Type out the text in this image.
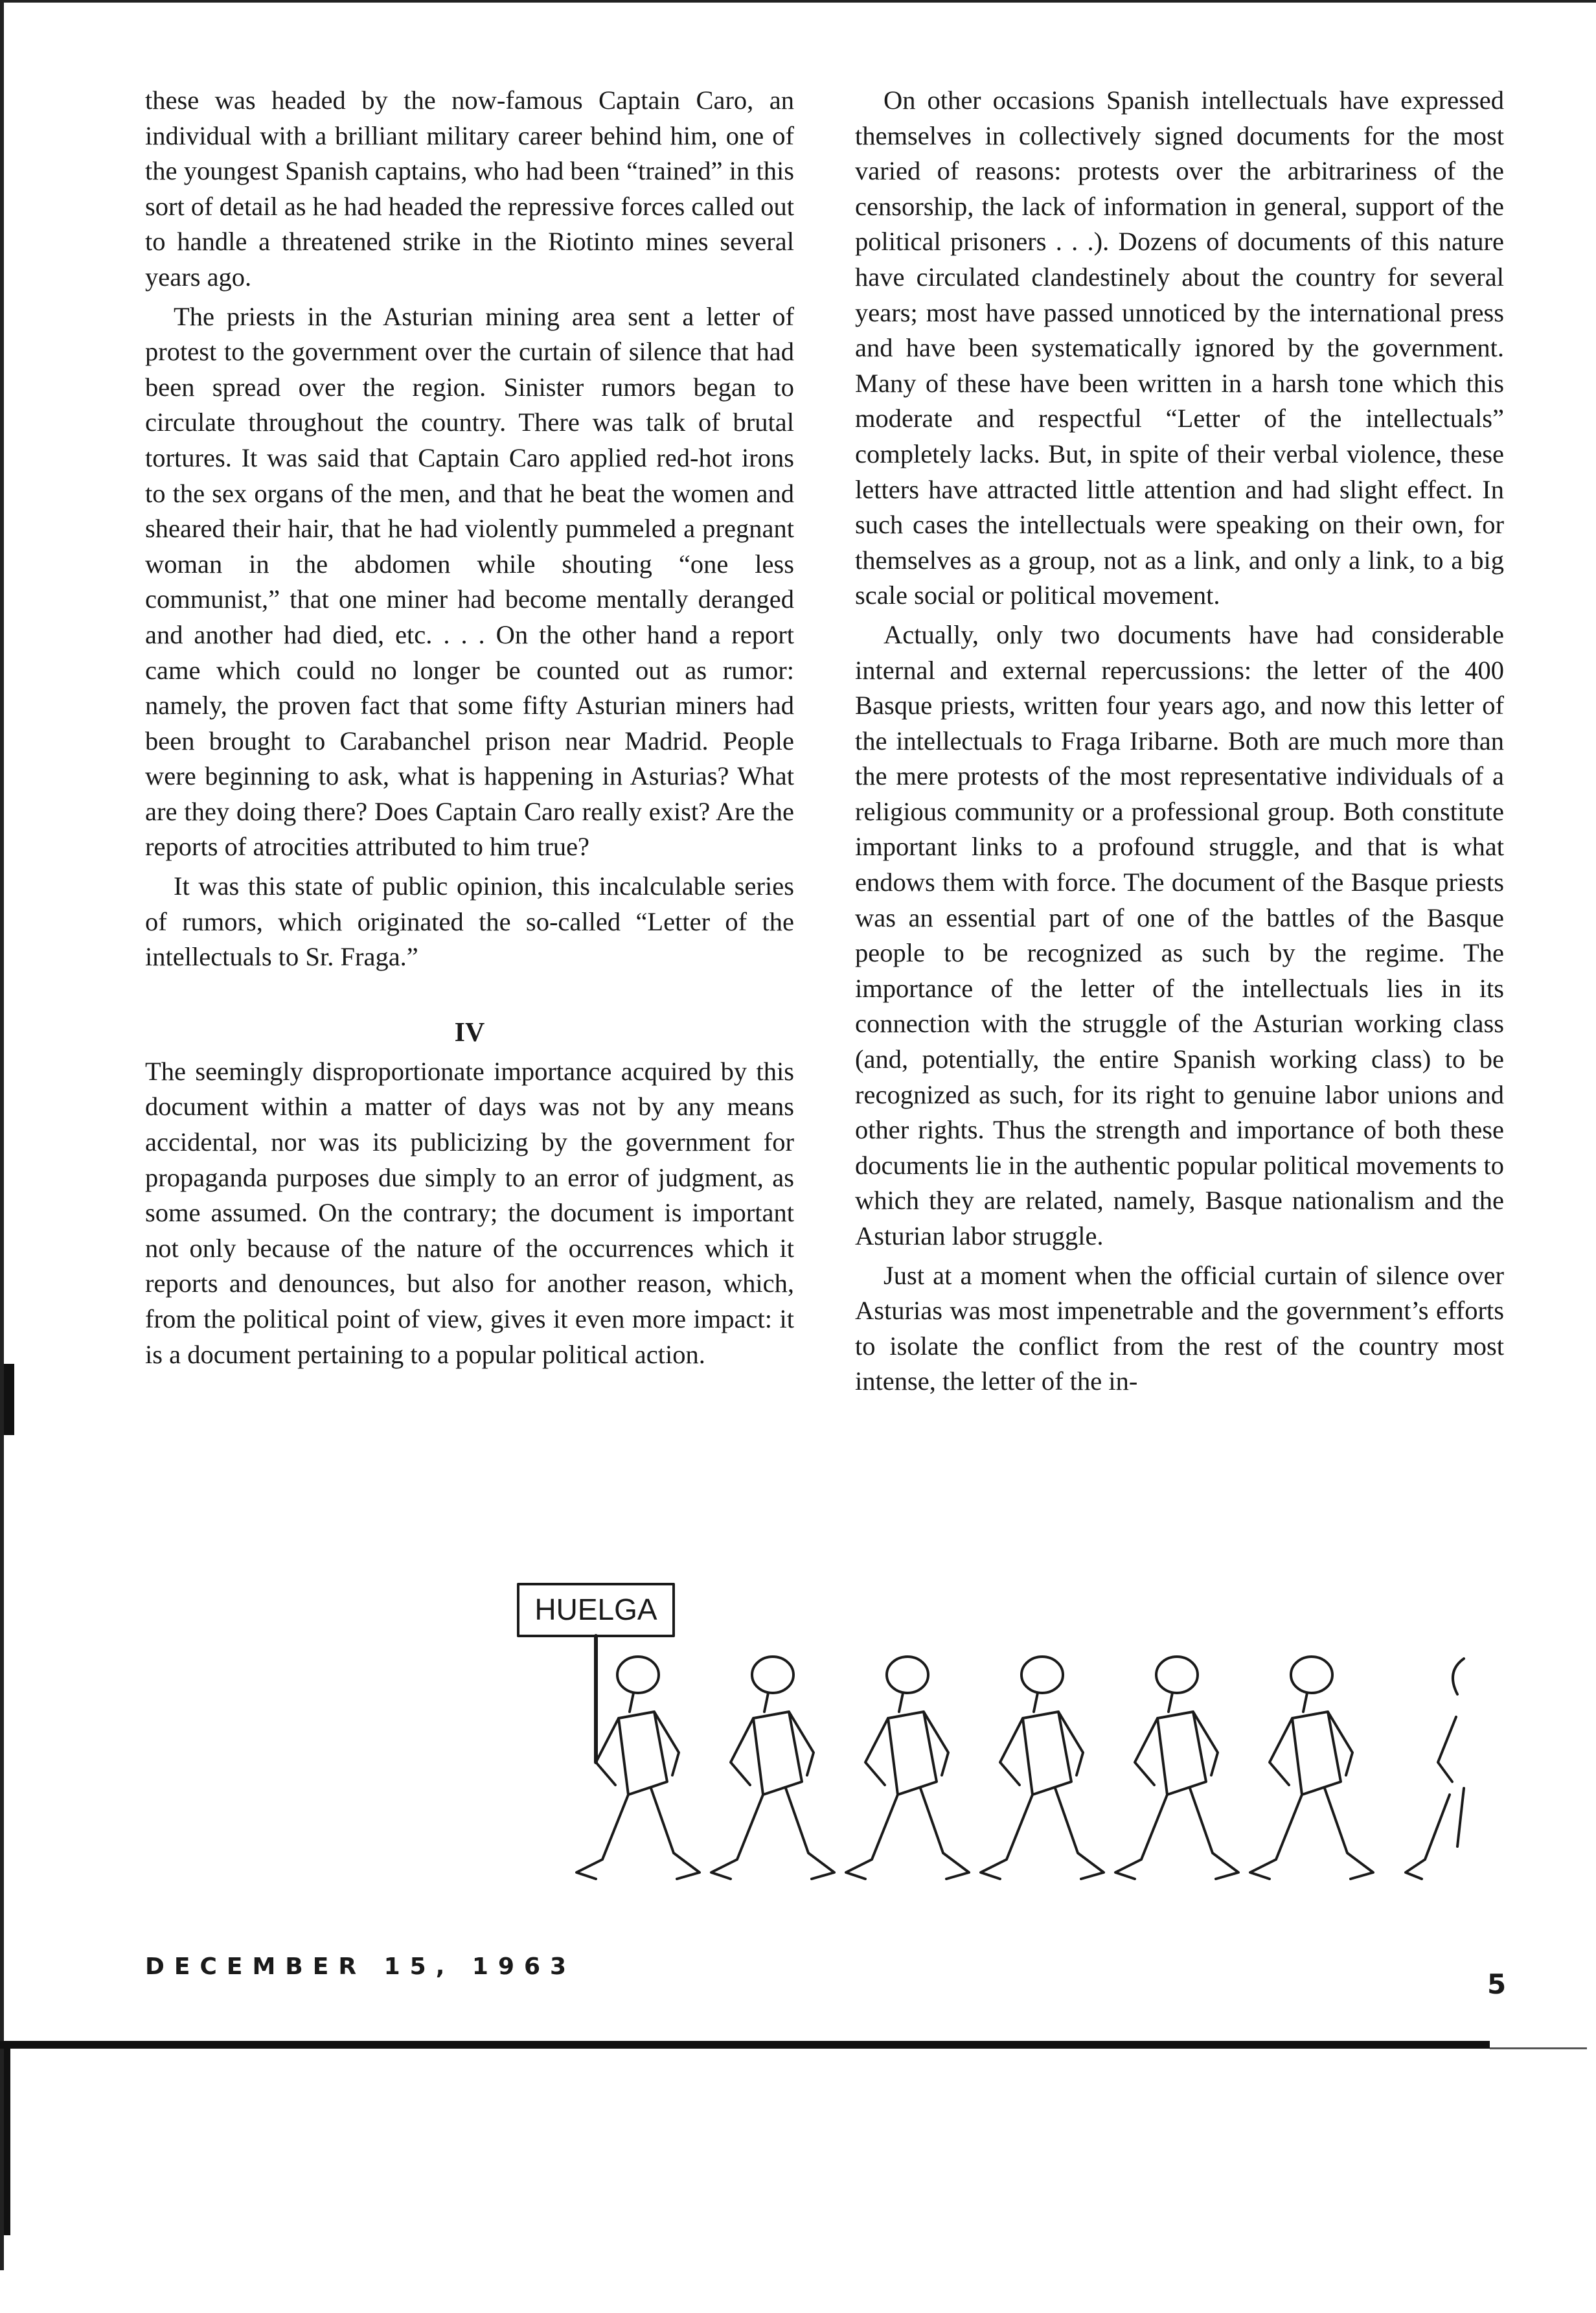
these was headed by the now-famous Captain Caro, an individual with a brilliant military career behind him, one of the youngest Spanish captains, who had been “trained” in this sort of detail as he had headed the repressive forces called out to handle a threatened strike in the Riotinto mines several years ago.

The priests in the Asturian mining area sent a letter of protest to the government over the curtain of silence that had been spread over the region. Sinister rumors began to circulate throughout the country. There was talk of brutal tortures. It was said that Captain Caro applied red-hot irons to the sex organs of the men, and that he beat the women and sheared their hair, that he had violently pummeled a pregnant woman in the abdomen while shouting “one less communist,” that one miner had become mentally deranged and another had died, etc. . . . On the other hand a report came which could no longer be counted out as rumor: namely, the proven fact that some fifty Asturian miners had been brought to Carabanchel prison near Madrid. People were beginning to ask, what is happening in Asturias? What are they doing there? Does Captain Caro really exist? Are the reports of atrocities attributed to him true?

It was this state of public opinion, this incalculable series of rumors, which originated the so-called “Letter of the intellectuals to Sr. Fraga.”

IV

The seemingly disproportionate importance acquired by this document within a matter of days was not by any means accidental, nor was its publicizing by the government for propaganda purposes due simply to an error of judgment, as some assumed. On the contrary; the document is important not only because of the nature of the occurrences which it reports and denounces, but also for another reason, which, from the political point of view, gives it even more impact: it is a document pertaining to a popular political action.

On other occasions Spanish intellectuals have expressed themselves in collectively signed documents for the most varied of reasons: protests over the arbitrariness of the censorship, the lack of information in general, support of the political prisoners . . .). Dozens of documents of this nature have circulated clandestinely about the country for several years; most have passed unnoticed by the international press and have been systematically ignored by the government. Many of these have been written in a harsh tone which this moderate and respectful “Letter of the intellectuals” completely lacks. But, in spite of their verbal violence, these letters have attracted little attention and had slight effect. In such cases the intellectuals were speaking on their own, for themselves as a group, not as a link, and only a link, to a big scale social or political movement.

Actually, only two documents have had considerable internal and external repercussions: the letter of the 400 Basque priests, written four years ago, and now this letter of the intellectuals to Fraga Iribarne. Both are much more than the mere protests of the most representative individuals of a religious community or a professional group. Both constitute important links to a profound struggle, and that is what endows them with force. The document of the Basque priests was an essential part of one of the battles of the Basque people to be recognized as such by the regime. The importance of the letter of the intellectuals lies in its connection with the struggle of the Asturian working class (and, potentially, the entire Spanish working class) to be recognized as such, for its right to genuine labor unions and other rights. Thus the strength and importance of both these documents lie in the authentic popular political movements to which they are related, namely, Basque nationalism and the Asturian labor struggle.

Just at a moment when the official curtain of silence over Asturias was most impenetrable and the government’s efforts to isolate the conflict from the rest of the country most intense, the letter of the in-

HUELGA
DECEMBER 15, 1963
5
